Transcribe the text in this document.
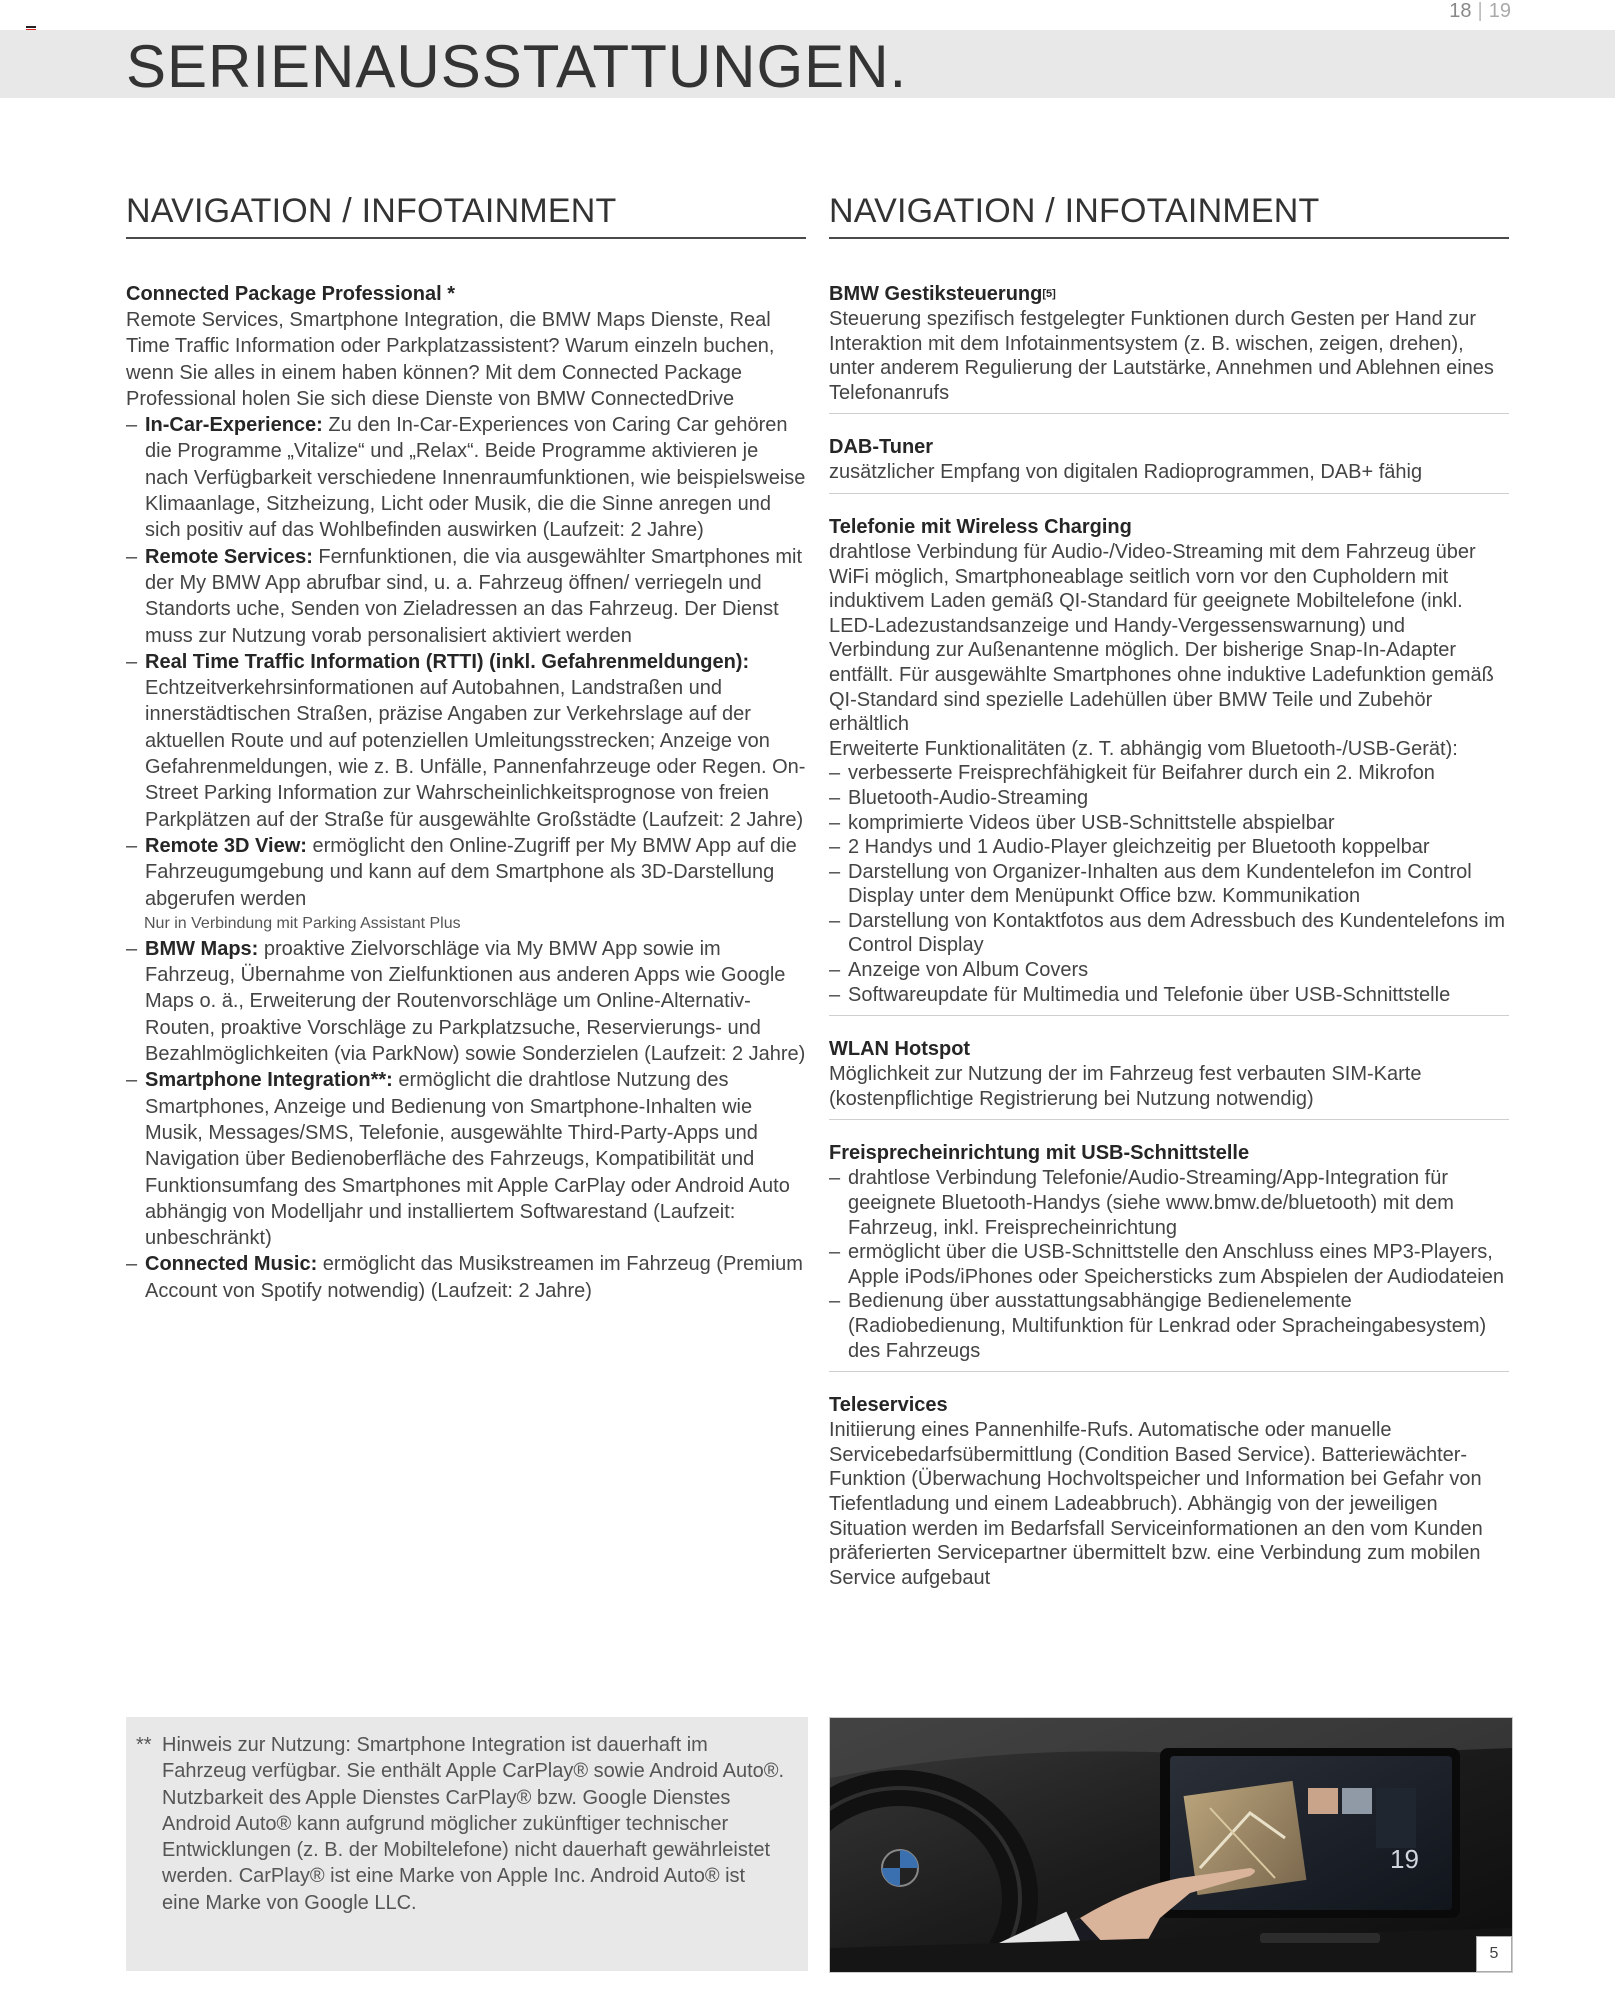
18 | 19
SERIENAUSSTATTUNGEN.
NAVIGATION / INFOTAINMENT
Connected Package Professional *
Remote Services, Smartphone Integration, die BMW Maps Dienste, Real Time Traffic Information oder Parkplatzassistent? Warum einzeln buchen, wenn Sie alles in einem haben können? Mit dem Connected Package Professional holen Sie sich diese Dienste von BMW ConnectedDrive
– In-Car-Experience: Zu den In-Car-Experiences von Caring Car gehören die Programme „Vitalize“ und „Relax“. Beide Programme aktivieren je nach Verfügbarkeit verschiedene Innenraumfunktionen, wie beispielsweise Klimaanlage, Sitzheizung, Licht oder Musik, die die Sinne anregen und sich positiv auf das Wohlbefinden auswirken (Laufzeit: 2 Jahre)
– Remote Services: Fernfunktionen, die via ausgewählter Smartphones mit der My BMW App abrufbar sind, u. a. Fahrzeug öffnen/ verriegeln und Standorts uche, Senden von Zieladressen an das Fahrzeug. Der Dienst muss zur Nutzung vorab personalisiert aktiviert werden
– Real Time Traffic Information (RTTI) (inkl. Gefahrenmeldungen): Echtzeitverkehrsinformationen auf Autobahnen, Landstraßen und innerstädtischen Straßen, präzise Angaben zur Verkehrslage auf der aktuellen Route und auf potenziellen Umleitungsstrecken; Anzeige von Gefahrenmeldungen, wie z. B. Unfälle, Pannenfahrzeuge oder Regen. On-Street Parking Information zur Wahrscheinlichkeitsprognose von freien Parkplätzen auf der Straße für ausgewählte Großstädte (Laufzeit: 2 Jahre)
– Remote 3D View: ermöglicht den Online-Zugriff per My BMW App auf die Fahrzeugumgebung und kann auf dem Smartphone als 3D-Darstellung abgerufen werden
Nur in Verbindung mit Parking Assistant Plus
– BMW Maps: proaktive Zielvorschläge via My BMW App sowie im Fahrzeug, Übernahme von Zielfunktionen aus anderen Apps wie Google Maps o. ä., Erweiterung der Routenvorschläge um Online-Alternativ-Routen, proaktive Vorschläge zu Parkplatzsuche, Reservierungs- und Bezahlmöglichkeiten (via ParkNow) sowie Sonderzielen (Laufzeit: 2 Jahre)
– Smartphone Integration**: ermöglicht die drahtlose Nutzung des Smartphones, Anzeige und Bedienung von Smartphone-Inhalten wie Musik, Messages/SMS, Telefonie, ausgewählte Third-Party-Apps und Navigation über Bedienoberfläche des Fahrzeugs, Kompatibilität und Funktionsumfang des Smartphones mit Apple CarPlay oder Android Auto abhängig von Modelljahr und installiertem Softwarestand (Laufzeit: unbeschränkt)
– Connected Music: ermöglicht das Musikstreamen im Fahrzeug (Premium Account von Spotify notwendig) (Laufzeit: 2 Jahre)
NAVIGATION / INFOTAINMENT
BMW Gestiksteuerung[5]
Steuerung spezifisch festgelegter Funktionen durch Gesten per Hand zur Interaktion mit dem Infotainmentsystem (z. B. wischen, zeigen, drehen), unter anderem Regulierung der Lautstärke, Annehmen und Ablehnen eines Telefonanrufs
DAB-Tuner
zusätzlicher Empfang von digitalen Radioprogrammen, DAB+ fähig
Telefonie mit Wireless Charging
drahtlose Verbindung für Audio-/Video-Streaming mit dem Fahrzeug über WiFi möglich, Smartphoneablage seitlich vorn vor den Cupholdern mit induktivem Laden gemäß QI-Standard für geeignete Mobiltelefone (inkl. LED-Ladezustandsanzeige und Handy-Vergessenswarnung) und Verbindung zur Außenantenne möglich. Der bisherige Snap-In-Adapter entfällt. Für ausgewählte Smartphones ohne induktive Ladefunktion gemäß QI-Standard sind spezielle Ladehüllen über BMW Teile und Zubehör erhältlich
Erweiterte Funktionalitäten (z. T. abhängig vom Bluetooth-/USB-Gerät):
– verbesserte Freisprechfähigkeit für Beifahrer durch ein 2. Mikrofon
– Bluetooth-Audio-Streaming
– komprimierte Videos über USB-Schnittstelle abspielbar
– 2 Handys und 1 Audio-Player gleichzeitig per Bluetooth koppelbar
– Darstellung von Organizer-Inhalten aus dem Kundentelefon im Control Display unter dem Menüpunkt Office bzw. Kommunikation
– Darstellung von Kontaktfotos aus dem Adressbuch des Kundentelefons im Control Display
– Anzeige von Album Covers
– Softwareupdate für Multimedia und Telefonie über USB-Schnittstelle
WLAN Hotspot
Möglichkeit zur Nutzung der im Fahrzeug fest verbauten SIM-Karte (kostenpflichtige Registrierung bei Nutzung notwendig)
Freisprecheinrichtung mit USB-Schnittstelle
– drahtlose Verbindung Telefonie/Audio-Streaming/App-Integration für geeignete Bluetooth-Handys (siehe www.bmw.de/bluetooth) mit dem Fahrzeug, inkl. Freisprecheinrichtung
– ermöglicht über die USB-Schnittstelle den Anschluss eines MP3-Players, Apple iPods/iPhones oder Speichersticks zum Abspielen der Audiodateien
– Bedienung über ausstattungsabhängige Bedienelemente (Radiobedienung, Multifunktion für Lenkrad oder Spracheingabesystem) des Fahrzeugs
Teleservices
Initiierung eines Pannenhilfe-Rufs. Automatische oder manuelle Servicebedarfsübermittlung (Condition Based Service). Batteriewächter-Funktion (Überwachung Hochvoltspeicher und Information bei Gefahr von Tiefentladung und einem Ladeabbruch). Abhängig von der jeweiligen Situation werden im Bedarfsfall Serviceinformationen an den vom Kunden präferierten Servicepartner übermittelt bzw. eine Verbindung zum mobilen Service aufgebaut
** Hinweis zur Nutzung: Smartphone Integration ist dauerhaft im Fahrzeug verfügbar. Sie enthält Apple CarPlay® sowie Android Auto®. Nutzbarkeit des Apple Dienstes CarPlay® bzw. Google Dienstes Android Auto® kann aufgrund möglicher zukünftiger technischer Entwicklungen (z. B. der Mobiltelefone) nicht dauerhaft gewährleistet werden. CarPlay® ist eine Marke von Apple Inc. Android Auto® ist eine Marke von Google LLC.
19
5
